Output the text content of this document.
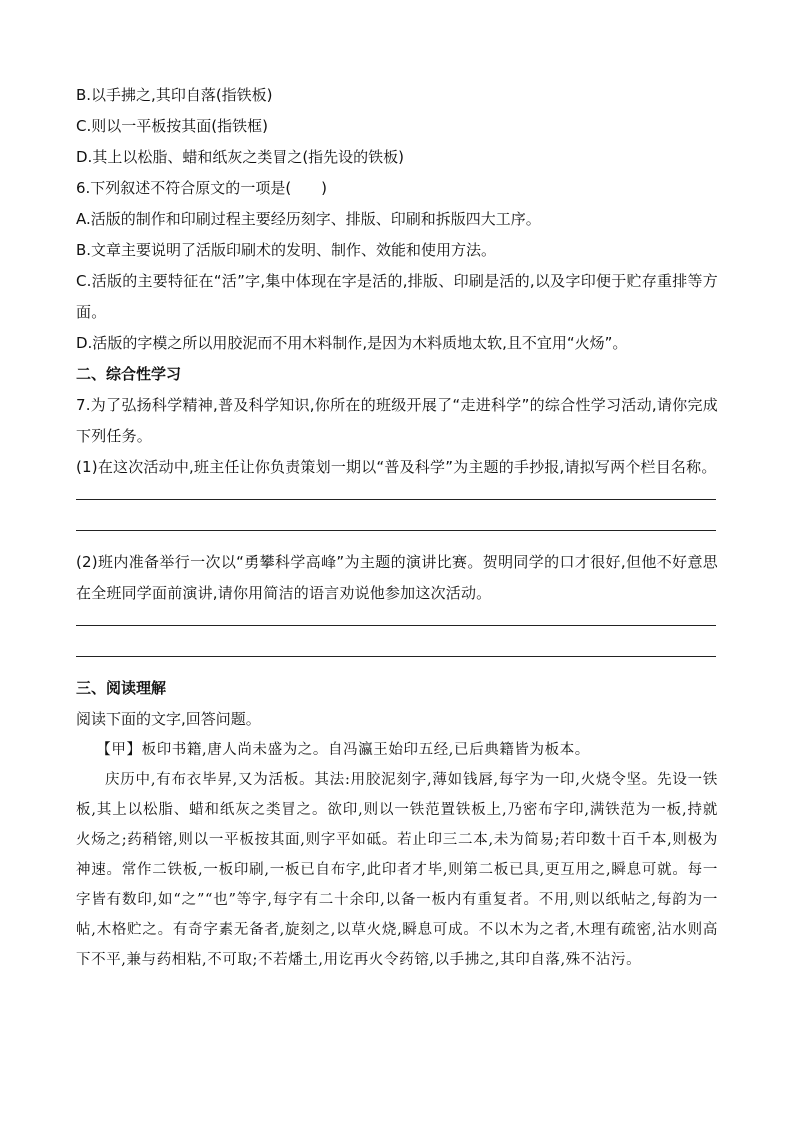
B.以手拂之,其印自落(指铁板)

C.则以一平板按其面(指铁框)

D.其上以松脂、蜡和纸灰之类冒之(指先设的铁板)

6.下列叙述不符合原文的一项是(　　)

A.活版的制作和印刷过程主要经历刻字、排版、印刷和拆版四大工序。

B.文章主要说明了活版印刷术的发明、制作、效能和使用方法。

C.活版的主要特征在“活”字,集中体现在字是活的,排版、印刷是活的,以及字印便于贮存重排等方面。

D.活版的字模之所以用胶泥而不用木料制作,是因为木料质地太软,且不宜用“火炀”。

二、综合性学习

7.为了弘扬科学精神,普及科学知识,你所在的班级开展了“走进科学”的综合性学习活动,请你完成下列任务。

(1)在这次活动中,班主任让你负责策划一期以“普及科学”为主题的手抄报,请拟写两个栏目名称。

(2)班内准备举行一次以“勇攀科学高峰”为主题的演讲比赛。贺明同学的口才很好,但他不好意思在全班同学面前演讲,请你用简洁的语言劝说他参加这次活动。

三、阅读理解

阅读下面的文字,回答问题。

【甲】板印书籍,唐人尚未盛为之。自冯瀛王始印五经,已后典籍皆为板本。

庆历中,有布衣毕昇,又为活板。其法:用胶泥刻字,薄如钱唇,每字为一印,火烧令坚。先设一铁板,其上以松脂、蜡和纸灰之类冒之。欲印,则以一铁范置铁板上,乃密布字印,满铁范为一板,持就火炀之;药稍镕,则以一平板按其面,则字平如砥。若止印三二本,未为简易;若印数十百千本,则极为神速。常作二铁板,一板印刷,一板已自布字,此印者才毕,则第二板已具,更互用之,瞬息可就。每一字皆有数印,如“之”“也”等字,每字有二十余印,以备一板内有重复者。不用,则以纸帖之,每韵为一帖,木格贮之。有奇字素无备者,旋刻之,以草火烧,瞬息可成。不以木为之者,木理有疏密,沾水则高下不平,兼与药相粘,不可取;不若燔土,用讫再火令药镕,以手拂之,其印自落,殊不沾污。
